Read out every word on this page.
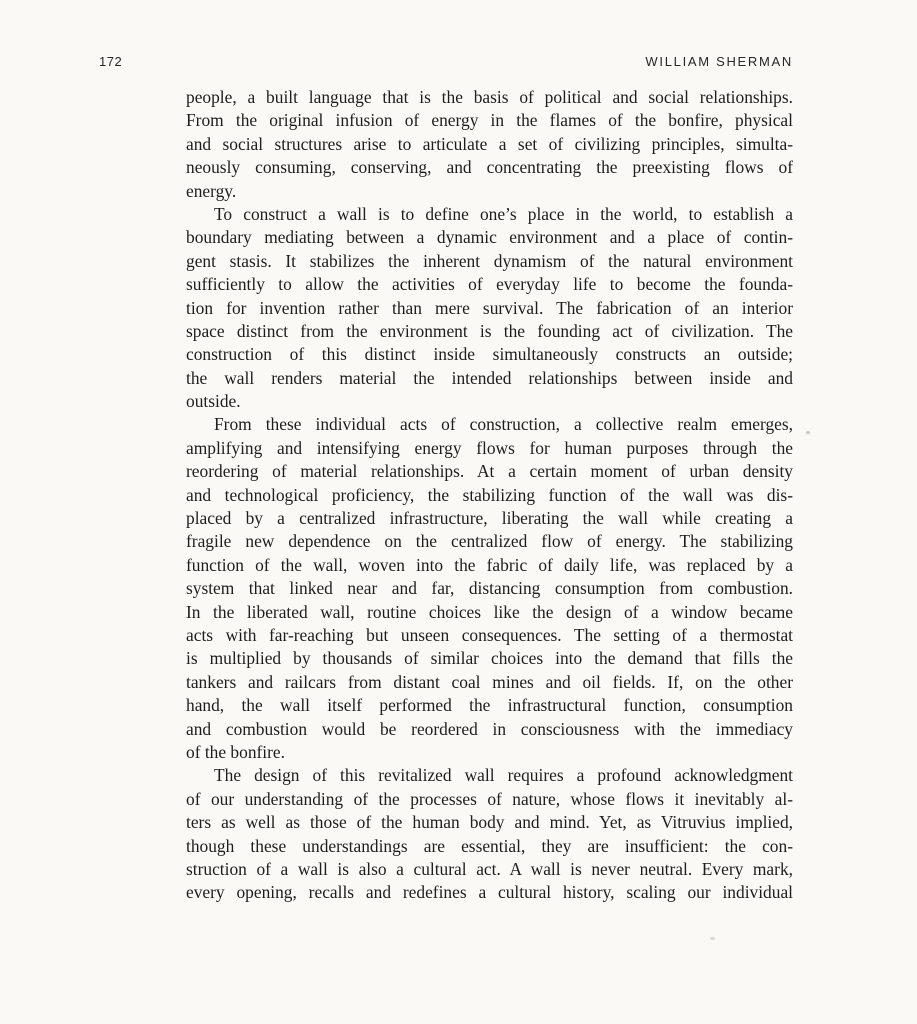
172	WILLIAM SHERMAN
people, a built language that is the basis of political and social relationships.
From the original infusion of energy in the flames of the bonfire, physical
and social structures arise to articulate a set of civilizing principles, simulta-
neously consuming, conserving, and concentrating the preexisting flows of
energy.
To construct a wall is to define one’s place in the world, to establish a
boundary mediating between a dynamic environment and a place of contin-
gent stasis. It stabilizes the inherent dynamism of the natural environment
sufficiently to allow the activities of everyday life to become the founda-
tion for invention rather than mere survival. The fabrication of an interior
space distinct from the environment is the founding act of civilization. The
construction of this distinct inside simultaneously constructs an outside;
the wall renders material the intended relationships between inside and
outside.
From these individual acts of construction, a collective realm emerges,
amplifying and intensifying energy flows for human purposes through the
reordering of material relationships. At a certain moment of urban density
and technological proficiency, the stabilizing function of the wall was dis-
placed by a centralized infrastructure, liberating the wall while creating a
fragile new dependence on the centralized flow of energy. The stabilizing
function of the wall, woven into the fabric of daily life, was replaced by a
system that linked near and far, distancing consumption from combustion.
In the liberated wall, routine choices like the design of a window became
acts with far-reaching but unseen consequences. The setting of a thermostat
is multiplied by thousands of similar choices into the demand that fills the
tankers and railcars from distant coal mines and oil fields. If, on the other
hand, the wall itself performed the infrastructural function, consumption
and combustion would be reordered in consciousness with the immediacy
of the bonfire.
The design of this revitalized wall requires a profound acknowledgment
of our understanding of the processes of nature, whose flows it inevitably al-
ters as well as those of the human body and mind. Yet, as Vitruvius implied,
though these understandings are essential, they are insufficient: the con-
struction of a wall is also a cultural act. A wall is never neutral. Every mark,
every opening, recalls and redefines a cultural history, scaling our individual
